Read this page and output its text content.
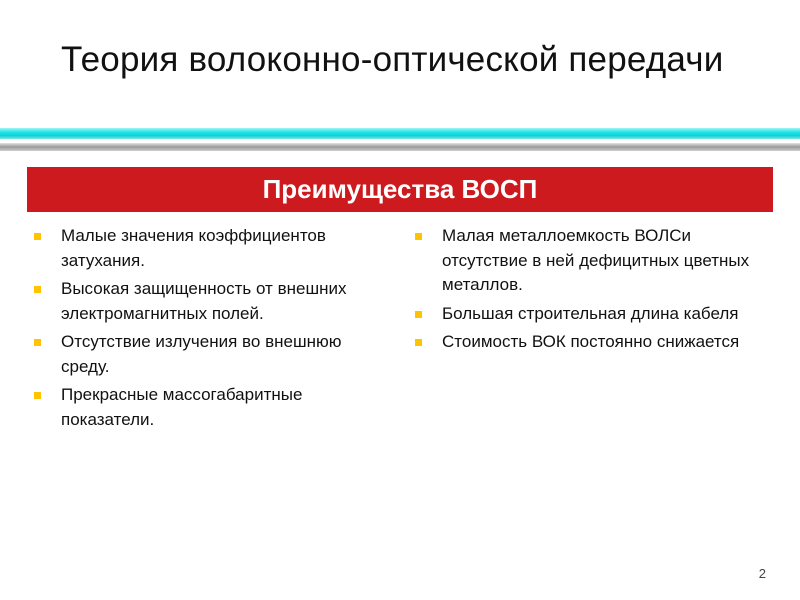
Теория волоконно-оптической передачи
Преимущества ВОСП
Малые значения коэффициентов затухания.
Высокая защищенность от внешних электромагнитных полей.
Отсутствие излучения во внешнюю среду.
Прекрасные массогабаритные показатели.
Малая металлоемкость ВОЛСи отсутствие в ней дефицитных цветных металлов.
Большая строительная длина кабеля
Стоимость ВОК постоянно снижается
2
